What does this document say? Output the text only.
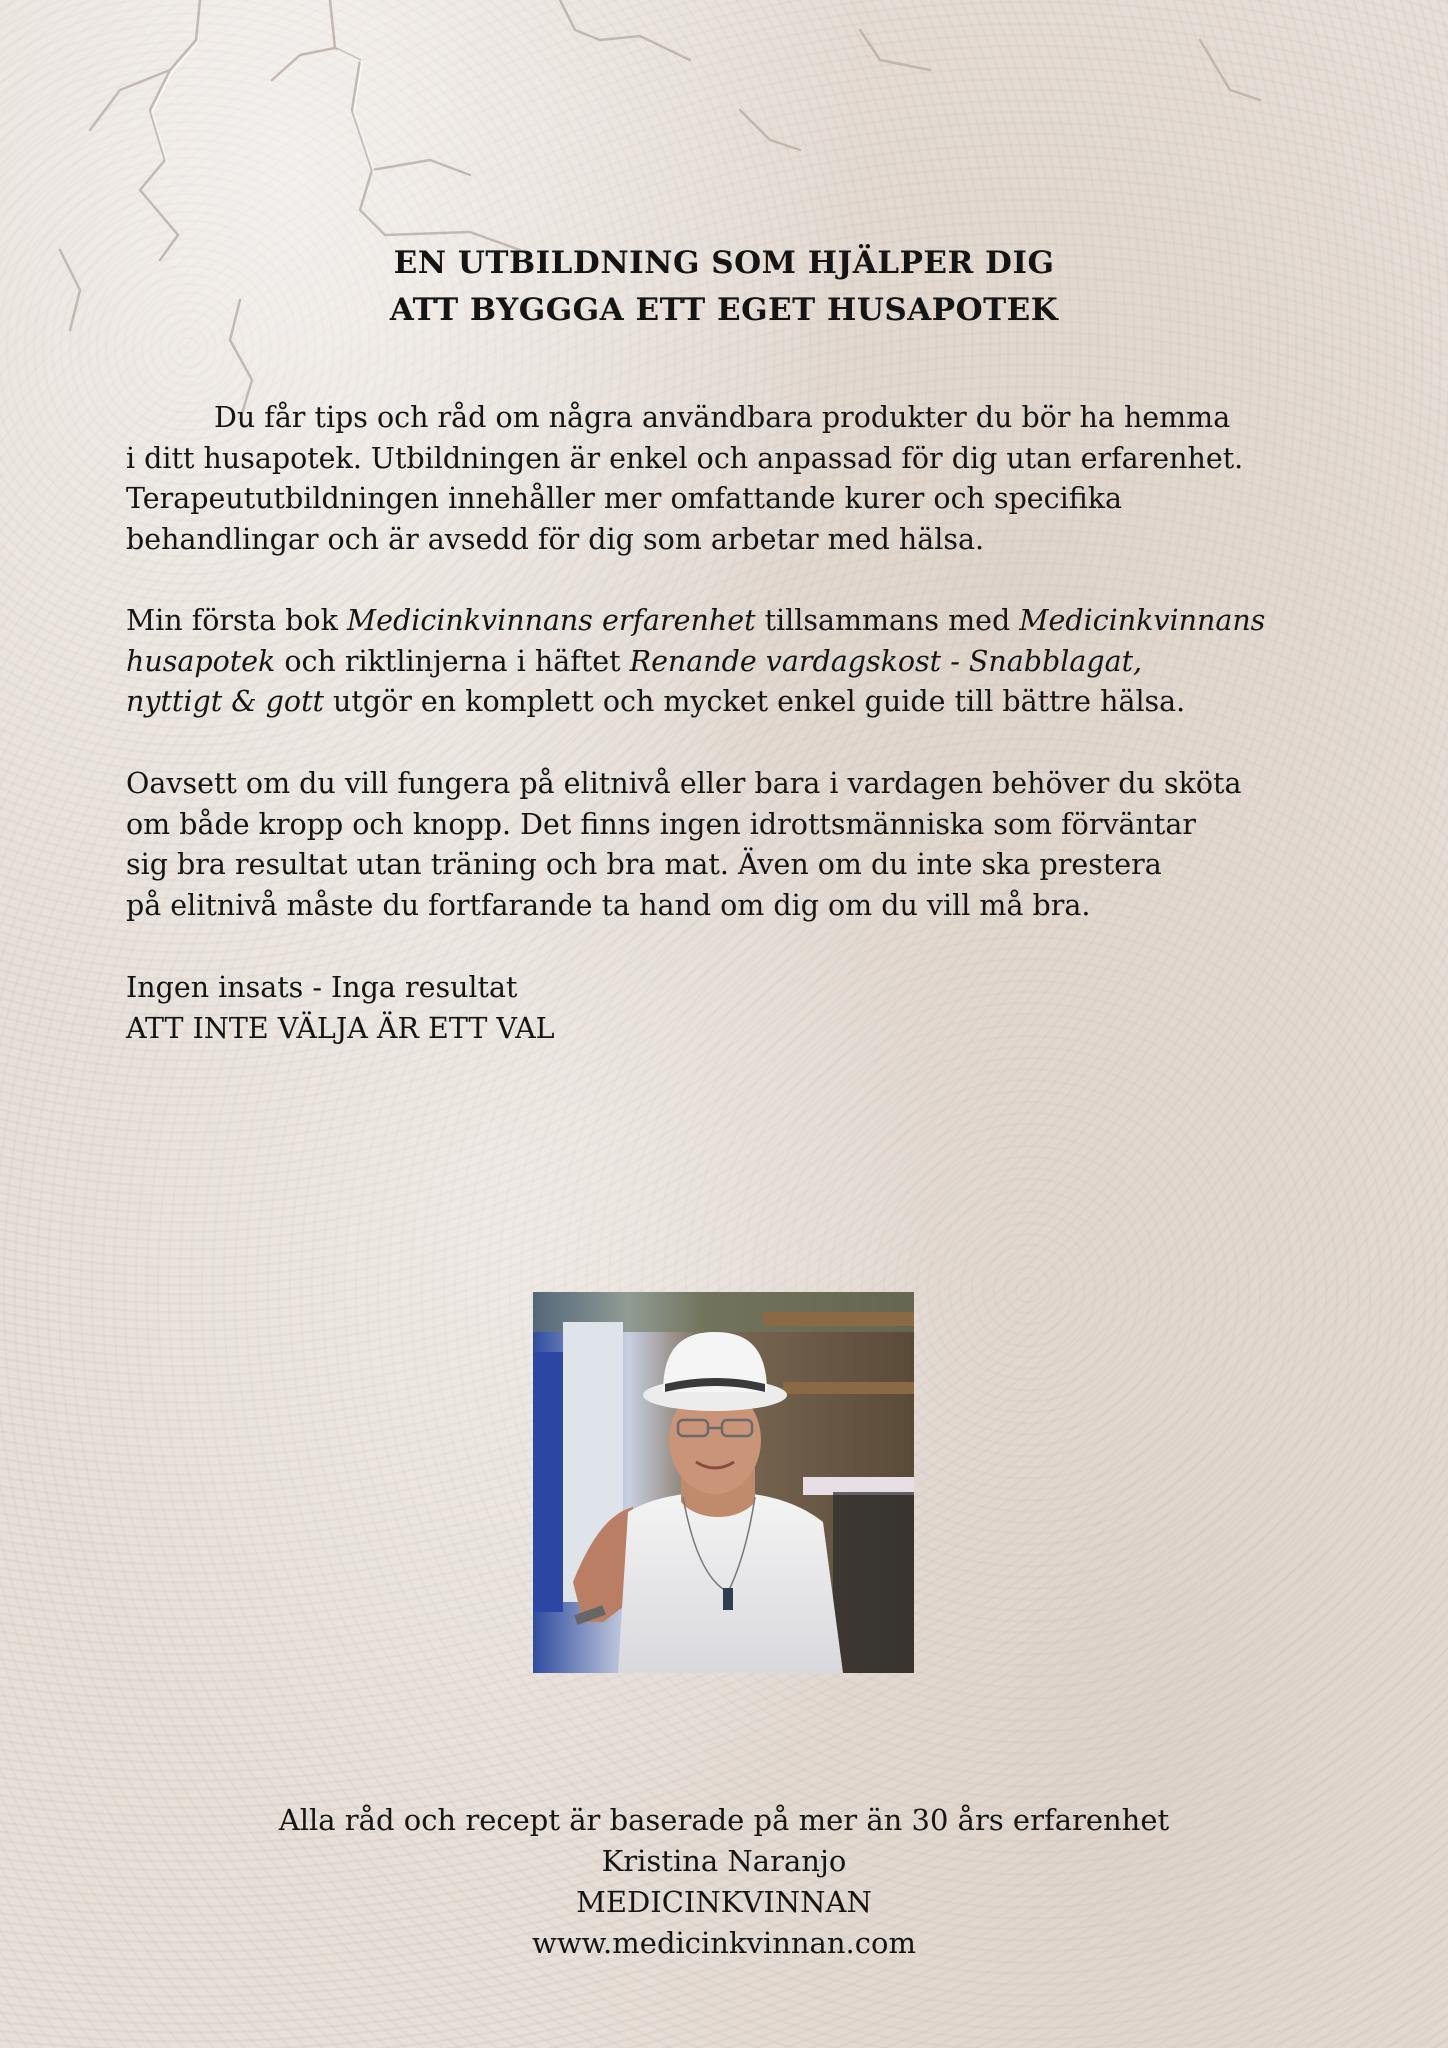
EN UTBILDNING SOM HJÄLPER DIG
ATT BYGGGA ETT EGET HUSAPOTEK

Du får tips och råd om några användbara produkter du bör ha hemma
i ditt husapotek. Utbildningen är enkel och anpassad för dig utan erfarenhet.
Terapeututbildningen innehåller mer omfattande kurer och specifika
behandlingar och är avsedd för dig som arbetar med hälsa.

Min första bok Medicinkvinnans erfarenhet tillsammans med Medicinkvinnans
husapotek och riktlinjerna i häftet Renande vardagskost - Snabblagat,
nyttigt & gott utgör en komplett och mycket enkel guide till bättre hälsa.

Oavsett om du vill fungera på elitnivå eller bara i vardagen behöver du sköta
om både kropp och knopp. Det finns ingen idrottsmänniska som förväntar
sig bra resultat utan träning och bra mat. Även om du inte ska prestera
på elitnivå måste du fortfarande ta hand om dig om du vill må bra.

Ingen insats - Inga resultat
ATT INTE VÄLJA ÄR ETT VAL

Alla råd och recept är baserade på mer än 30 års erfarenhet
Kristina Naranjo
MEDICINKVINNAN
www.medicinkvinnan.com
